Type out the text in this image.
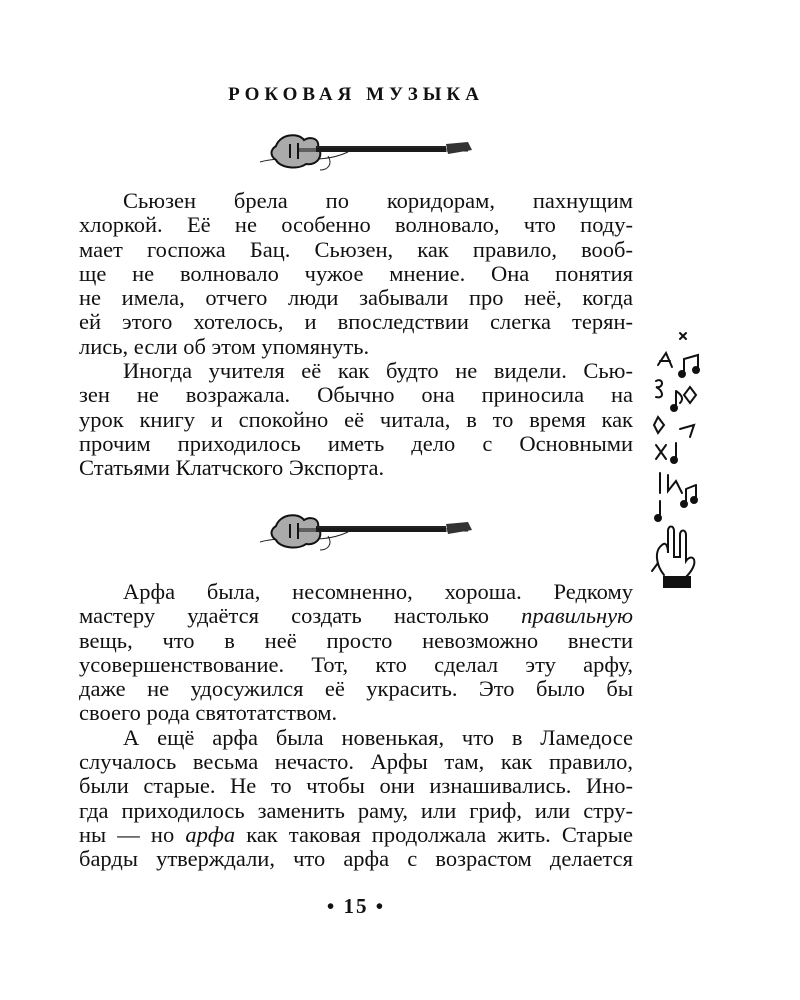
РОКОВАЯ МУЗЫКА
Сьюзен брела по коридорам, пахнущим
хлоркой. Её не особенно волновало, что поду-
мает госпожа Бац. Сьюзен, как правило, вооб-
ще не волновало чужое мнение. Она понятия
не имела, отчего люди забывали про неё, когда
ей этого хотелось, и впоследствии слегка терян-
лись, если об этом упомянуть.
Иногда учителя её как будто не видели. Сью-
зен не возражала. Обычно она приносила на
урок книгу и спокойно её читала, в то время как
прочим приходилось иметь дело с Основными
Статьями Клатчского Экспорта.
Арфа была, несомненно, хороша. Редкому
мастеру удаётся создать настолько правильную
вещь, что в неё просто невозможно внести
усовершенствование. Тот, кто сделал эту арфу,
даже не удосужился её украсить. Это было бы
своего рода святотатством.
А ещё арфа была новенькая, что в Ламедосе
случалось весьма нечасто. Арфы там, как правило,
были старые. Не то чтобы они изнашивались. Ино-
гда приходилось заменить раму, или гриф, или стру-
ны — но арфа как таковая продолжала жить. Старые
барды утверждали, что арфа с возрастом делается
• 15 •
